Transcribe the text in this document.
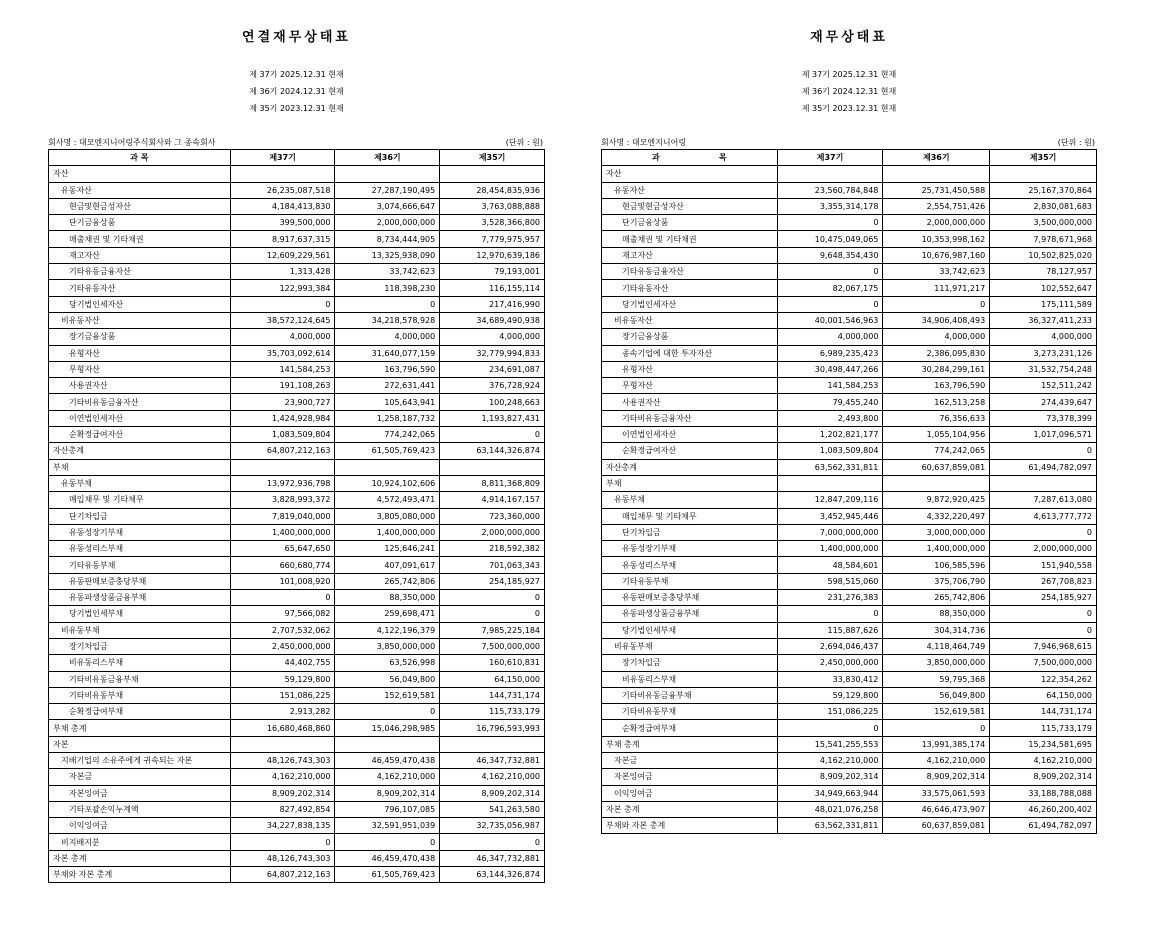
연결재무상태표
제 37기 2025.12.31 현재
제 36기 2024.12.31 현재
제 35기 2023.12.31 현재
회사명 : 대모엔지니어링주식회사와 그 종속회사	(단위 : 원)
과 목	제37기	제36기	제35기
자산			
유동자산	26,235,087,518	27,287,190,495	28,454,835,936
현금및현금성자산	4,184,413,830	3,074,666,647	3,763,088,888
단기금융상품	399,500,000	2,000,000,000	3,528,366,800
매출채권 및 기타채권	8,917,637,315	8,734,444,905	7,779,975,957
재고자산	12,609,229,561	13,325,938,090	12,970,639,186
기타유동금융자산	1,313,428	33,742,623	79,193,001
기타유동자산	122,993,384	118,398,230	116,155,114
당기법인세자산	0	0	217,416,990
비유동자산	38,572,124,645	34,218,578,928	34,689,490,938
장기금융상품	4,000,000	4,000,000	4,000,000
유형자산	35,703,092,614	31,640,077,159	32,779,994,833
무형자산	141,584,253	163,796,590	234,691,087
사용권자산	191,108,263	272,631,441	376,728,924
기타비유동금융자산	23,900,727	105,643,941	100,248,663
이연법인세자산	1,424,928,984	1,258,187,732	1,193,827,431
순확정급여자산	1,083,509,804	774,242,065	0
자산총계	64,807,212,163	61,505,769,423	63,144,326,874
부채			
유동부채	13,972,936,798	10,924,102,606	8,811,368,809
매입채무 및 기타채무	3,828,993,372	4,572,493,471	4,914,167,157
단기차입금	7,819,040,000	3,805,080,000	723,360,000
유동성장기부채	1,400,000,000	1,400,000,000	2,000,000,000
유동성리스부채	65,647,650	125,646,241	218,592,382
기타유동부채	660,680,774	407,091,617	701,063,343
유동판매보증충당부채	101,008,920	265,742,806	254,185,927
유동파생상품금융부채	0	88,350,000	0
당기법인세부채	97,566,082	259,698,471	0
비유동부채	2,707,532,062	4,122,196,379	7,985,225,184
장기차입금	2,450,000,000	3,850,000,000	7,500,000,000
비유동리스부채	44,402,755	63,526,998	160,610,831
기타비유동금융부채	59,129,800	56,049,800	64,150,000
기타비유동부채	151,086,225	152,619,581	144,731,174
순확정급여부채	2,913,282	0	115,733,179
부채 총계	16,680,468,860	15,046,298,985	16,796,593,993
자본			
지배기업의 소유주에게 귀속되는 자본	48,126,743,303	46,459,470,438	46,347,732,881
자본금	4,162,210,000	4,162,210,000	4,162,210,000
자본잉여금	8,909,202,314	8,909,202,314	8,909,202,314
기타포괄손익누계액	827,492,854	796,107,085	541,263,580
이익잉여금	34,227,838,135	32,591,951,039	32,735,056,987
비지배지분	0	0	0
자본 총계	48,126,743,303	46,459,470,438	46,347,732,881
부채와 자본 총계	64,807,212,163	61,505,769,423	63,144,326,874
재무상태표
제 37기 2025.12.31 현재
제 36기 2024.12.31 현재
제 35기 2023.12.31 현재
회사명 : 대모엔지니어링	(단위 : 원)
과 목	제37기	제36기	제35기
자산			
유동자산	23,560,784,848	25,731,450,588	25,167,370,864
현금및현금성자산	3,355,314,178	2,554,751,426	2,830,081,683
단기금융상품	0	2,000,000,000	3,500,000,000
매출채권 및 기타채권	10,475,049,065	10,353,998,162	7,978,671,968
재고자산	9,648,354,430	10,676,987,160	10,502,825,020
기타유동금융자산	0	33,742,623	78,127,957
기타유동자산	82,067,175	111,971,217	102,552,647
당기법인세자산	0	0	175,111,589
비유동자산	40,001,546,963	34,906,408,493	36,327,411,233
장기금융상품	4,000,000	4,000,000	4,000,000
종속기업에 대한 투자자산	6,989,235,423	2,386,095,830	3,273,231,126
유형자산	30,498,447,266	30,284,299,161	31,532,754,248
무형자산	141,584,253	163,796,590	152,511,242
사용권자산	79,455,240	162,513,258	274,439,647
기타비유동금융자산	2,493,800	76,356,633	73,378,399
이연법인세자산	1,202,821,177	1,055,104,956	1,017,096,571
순확정급여자산	1,083,509,804	774,242,065	0
자산총계	63,562,331,811	60,637,859,081	61,494,782,097
부채			
유동부채	12,847,209,116	9,872,920,425	7,287,613,080
매입채무 및 기타채무	3,452,945,446	4,332,220,497	4,613,777,772
단기차입금	7,000,000,000	3,000,000,000	0
유동성장기부채	1,400,000,000	1,400,000,000	2,000,000,000
유동성리스부채	48,584,601	106,585,596	151,940,558
기타유동부채	598,515,060	375,706,790	267,708,823
유동판매보증충당부채	231,276,383	265,742,806	254,185,927
유동파생상품금융부채	0	88,350,000	0
당기법인세부채	115,887,626	304,314,736	0
비유동부채	2,694,046,437	4,118,464,749	7,946,968,615
장기차입금	2,450,000,000	3,850,000,000	7,500,000,000
비유동리스부채	33,830,412	59,795,368	122,354,262
기타비유동금융부채	59,129,800	56,049,800	64,150,000
기타비유동부채	151,086,225	152,619,581	144,731,174
순확정급여부채	0	0	115,733,179
부채 총계	15,541,255,553	13,991,385,174	15,234,581,695
자본금	4,162,210,000	4,162,210,000	4,162,210,000
자본잉여금	8,909,202,314	8,909,202,314	8,909,202,314
이익잉여금	34,949,663,944	33,575,061,593	33,188,788,088
자본 총계	48,021,076,258	46,646,473,907	46,260,200,402
부채와 자본 총계	63,562,331,811	60,637,859,081	61,494,782,097
